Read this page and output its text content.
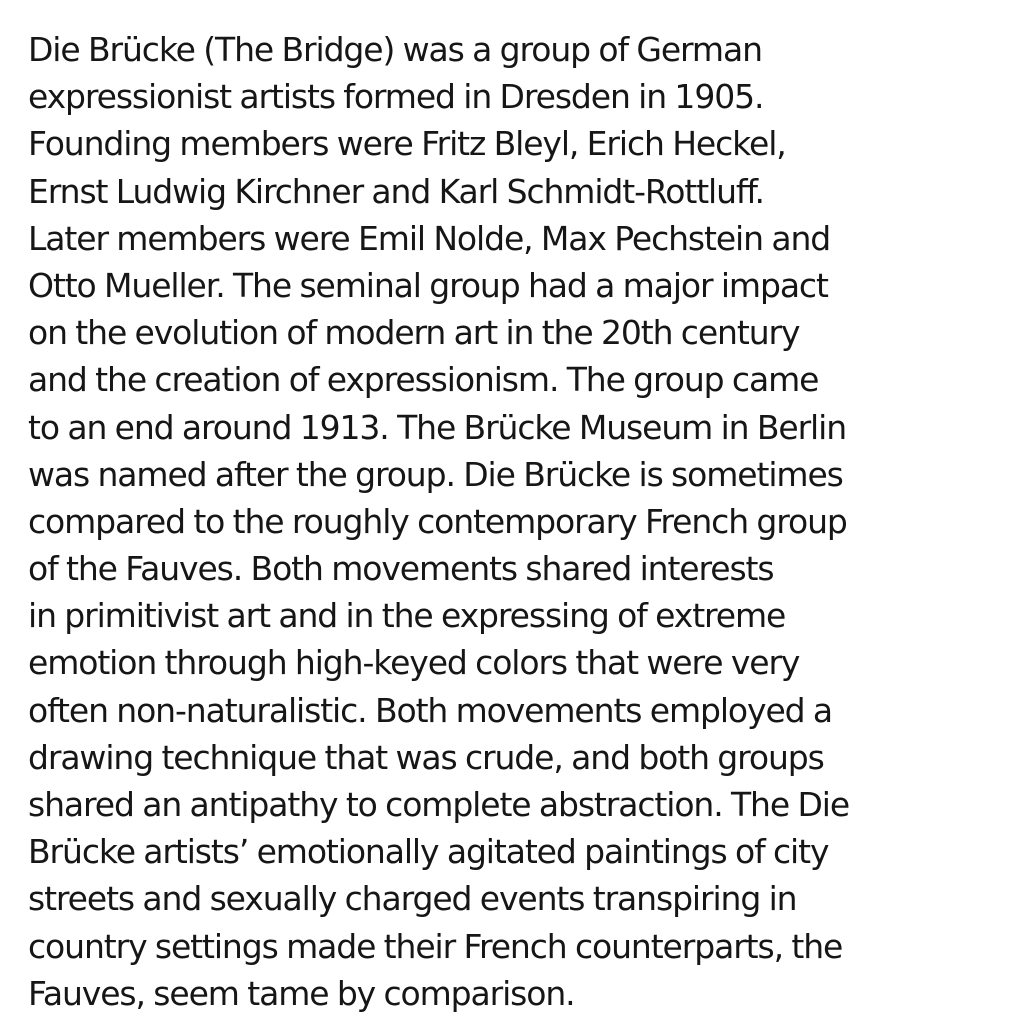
Die Brücke (The Bridge) was a group of German
expressionist artists formed in Dresden in 1905.
Founding members were Fritz Bleyl, Erich Heckel,
Ernst Ludwig Kirchner and Karl Schmidt-Rottluff.
Later members were Emil Nolde, Max Pechstein and
Otto Mueller. The seminal group had a major impact
on the evolution of modern art in the 20th century
and the creation of expressionism. The group came
to an end around 1913. The Brücke Museum in Berlin
was named after the group. Die Brücke is sometimes
compared to the roughly contemporary French group
of the Fauves. Both movements shared interests
in primitivist art and in the expressing of extreme
emotion through high-keyed colors that were very
often non-naturalistic. Both movements employed a
drawing technique that was crude, and both groups
shared an antipathy to complete abstraction. The Die
Brücke artists’ emotionally agitated paintings of city
streets and sexually charged events transpiring in
country settings made their French counterparts, the
Fauves, seem tame by comparison.
